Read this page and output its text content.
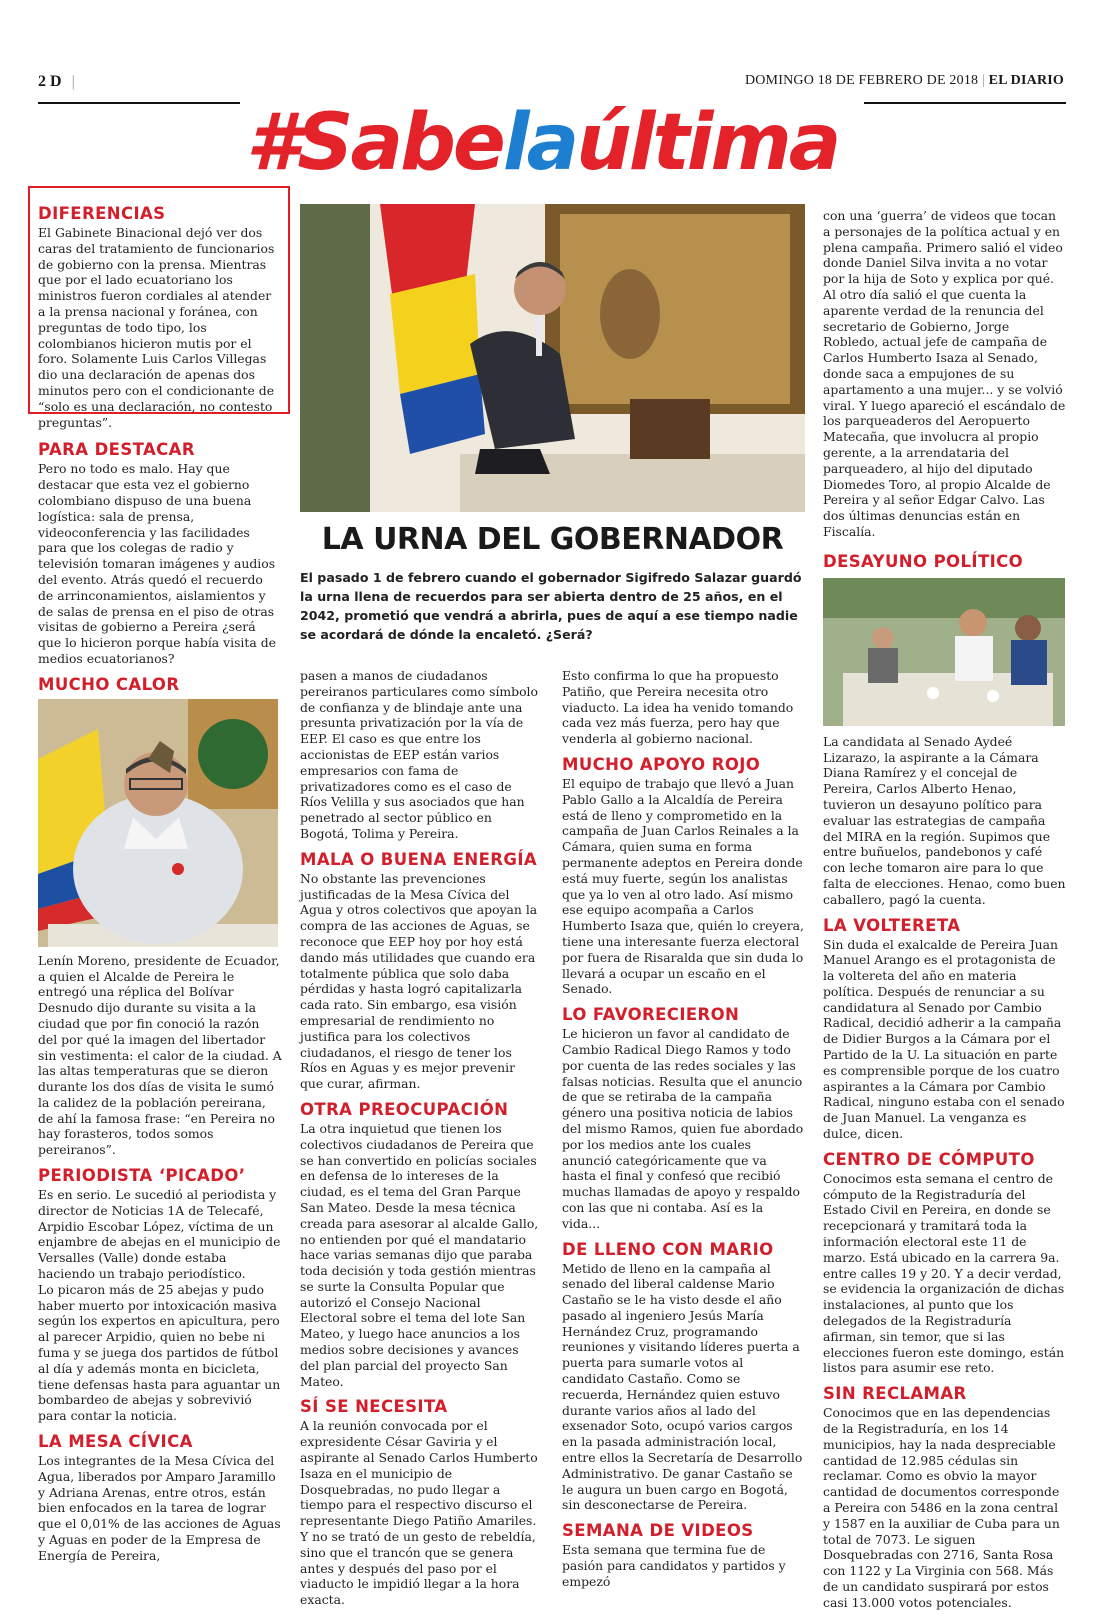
2 D |	DOMINGO 18 DE FEBRERO DE 2018 | EL DIARIO
#Sabelaúltima
DIFERENCIAS

El Gabinete Binacional dejó ver dos caras del tratamiento de funcionarios de gobierno con la prensa. Mientras que por el lado ecuatoriano los ministros fueron cordiales al atender a la prensa nacional y foránea, con preguntas de todo tipo, los colombianos hicieron mutis por el foro. Solamente Luis Carlos Villegas dio una declaración de apenas dos minutos pero con el condicionante de “solo es una declaración, no contesto preguntas”.

PARA DESTACAR

Pero no todo es malo. Hay que destacar que esta vez el gobierno colombiano dispuso de una buena logística: sala de prensa, videoconferencia y las facilidades para que los colegas de radio y televisión tomaran imágenes y audios del evento. Atrás quedó el recuerdo de arrinconamientos, aislamientos y de salas de prensa en el piso de otras visitas de gobierno a Pereira ¿será que lo hicieron porque había visita de medios ecuatorianos?

MUCHO CALOR

Lenín Moreno, presidente de Ecuador, a quien el Alcalde de Pereira le entregó una réplica del Bolívar Desnudo dijo durante su visita a la ciudad que por fin conoció la razón del por qué la imagen del libertador sin vestimenta: el calor de la ciudad. A las altas temperaturas que se dieron durante los dos días de visita le sumó la calidez de la población pereirana, de ahí la famosa frase: “en Pereira no hay forasteros, todos somos pereiranos”.

PERIODISTA ‘PICADO’

Es en serio. Le sucedió al periodista y director de Noticias 1A de Telecafé, Arpidio Escobar López, víctima de un enjambre de abejas en el municipio de Versalles (Valle) donde estaba haciendo un trabajo periodístico.

Lo picaron más de 25 abejas y pudo haber muerto por intoxicación masiva según los expertos en apicultura, pero al parecer Arpidio, quien no bebe ni fuma y se juega dos partidos de fútbol al día y además monta en bicicleta, tiene defensas hasta para aguantar un bombardeo de abejas y sobrevivió para contar la noticia.

LA MESA CÍVICA

Los integrantes de la Mesa Cívica del Agua, liberados por Amparo Jaramillo y Adriana Arenas, entre otros, están bien enfocados en la tarea de lograr que el 0,01% de las acciones de Aguas y Aguas en poder de la Empresa de Energía de Pereira,

LA URNA DEL GOBERNADOR
El pasado 1 de febrero cuando el gobernador Sigifredo Salazar guardó la urna llena de recuerdos para ser abierta dentro de 25 años, en el 2042, prometió que vendrá a abrirla, pues de aquí a ese tiempo nadie se acordará de dónde la encaletó. ¿Será?

pasen a manos de ciudadanos pereiranos particulares como símbolo de confianza y de blindaje ante una presunta privatización por la vía de EEP. El caso es que entre los accionistas de EEP están varios empresarios con fama de privatizadores como es el caso de Ríos Velilla y sus asociados que han penetrado al sector público en Bogotá, Tolima y Pereira.

MALA O BUENA ENERGÍA

No obstante las prevenciones justificadas de la Mesa Cívica del Agua y otros colectivos que apoyan la compra de las acciones de Aguas, se reconoce que EEP hoy por hoy está dando más utilidades que cuando era totalmente pública que solo daba pérdidas y hasta logró capitalizarla cada rato. Sin embargo, esa visión empresarial de rendimiento no justifica para los colectivos ciudadanos, el riesgo de tener los Ríos en Aguas y es mejor prevenir que curar, afirman.

OTRA PREOCUPACIÓN

La otra inquietud que tienen los colectivos ciudadanos de Pereira que se han convertido en policías sociales en defensa de lo intereses de la ciudad, es el tema del Gran Parque San Mateo. Desde la mesa técnica creada para asesorar al alcalde Gallo, no entienden por qué el mandatario hace varias semanas dijo que paraba toda decisión y toda gestión mientras se surte la Consulta Popular que autorizó el Consejo Nacional Electoral sobre el tema del lote San Mateo, y luego hace anuncios a los medios sobre decisiones y avances del plan parcial del proyecto San Mateo.

SÍ SE NECESITA

A la reunión convocada por el expresidente César Gaviria y el aspirante al Senado Carlos Humberto Isaza en el municipio de Dosquebradas, no pudo llegar a tiempo para el respectivo discurso el representante Diego Patiño Amariles. Y no se trató de un gesto de rebeldía, sino que el trancón que se genera antes y después del paso por el viaducto le impidió llegar a la hora exacta.

Esto confirma lo que ha propuesto Patiño, que Pereira necesita otro viaducto. La idea ha venido tomando cada vez más fuerza, pero hay que venderla al gobierno nacional.

MUCHO APOYO ROJO

El equipo de trabajo que llevó a Juan Pablo Gallo a la Alcaldía de Pereira está de lleno y comprometido en la campaña de Juan Carlos Reinales a la Cámara, quien suma en forma permanente adeptos en Pereira donde está muy fuerte, según los analistas que ya lo ven al otro lado. Así mismo ese equipo acompaña a Carlos Humberto Isaza que, quién lo creyera, tiene una interesante fuerza electoral por fuera de Risaralda que sin duda lo llevará a ocupar un escaño en el Senado.

LO FAVORECIERON

Le hicieron un favor al candidato de Cambio Radical Diego Ramos y todo por cuenta de las redes sociales y las falsas noticias. Resulta que el anuncio de que se retiraba de la campaña género una positiva noticia de labios del mismo Ramos, quien fue abordado por los medios ante los cuales anunció categóricamente que va hasta el final y confesó que recibió muchas llamadas de apoyo y respaldo con las que ni contaba. Así es la vida...

DE LLENO CON MARIO

Metido de lleno en la campaña al senado del liberal caldense Mario Castaño se le ha visto desde el año pasado al ingeniero Jesús María Hernández Cruz, programando reuniones y visitando líderes puerta a puerta para sumarle votos al candidato Castaño. Como se recuerda, Hernández quien estuvo durante varios años al lado del exsenador Soto, ocupó varios cargos en la pasada administración local, entre ellos la Secretaría de Desarrollo Administrativo. De ganar Castaño se le augura un buen cargo en Bogotá, sin desconectarse de Pereira.

SEMANA DE VIDEOS

Esta semana que termina fue de pasión para candidatos y partidos y empezó

con una ‘guerra’ de videos que tocan a personajes de la política actual y en plena campaña. Primero salió el video donde Daniel Silva invita a no votar por la hija de Soto y explica por qué. Al otro día salió el que cuenta la aparente verdad de la renuncia del secretario de Gobierno, Jorge Robledo, actual jefe de campaña de Carlos Humberto Isaza al Senado, donde saca a empujones de su apartamento a una mujer... y se volvió viral. Y luego apareció el escándalo de los parqueaderos del Aeropuerto Matecaña, que involucra al propio gerente, a la arrendataria del parqueadero, al hijo del diputado Diomedes Toro, al propio Alcalde de Pereira y al señor Edgar Calvo. Las dos últimas denuncias están en Fiscalía.

DESAYUNO POLÍTICO

La candidata al Senado Aydeé Lizarazo, la aspirante a la Cámara Diana Ramírez y el concejal de Pereira, Carlos Alberto Henao, tuvieron un desayuno político para evaluar las estrategias de campaña del MIRA en la región. Supimos que entre buñuelos, pandebonos y café con leche tomaron aire para lo que falta de elecciones. Henao, como buen caballero, pagó la cuenta.

LA VOLTERETA

Sin duda el exalcalde de Pereira Juan Manuel Arango es el protagonista de la voltereta del año en materia política. Después de renunciar a su candidatura al Senado por Cambio Radical, decidió adherir a la campaña de Didier Burgos a la Cámara por el Partido de la U. La situación en parte es comprensible porque de los cuatro aspirantes a la Cámara por Cambio Radical, ninguno estaba con el senado de Juan Manuel. La venganza es dulce, dicen.

CENTRO DE CÓMPUTO

Conocimos esta semana el centro de cómputo de la Registraduría del Estado Civil en Pereira, en donde se recepcionará y tramitará toda la información electoral este 11 de marzo. Está ubicado en la carrera 9a. entre calles 19 y 20. Y a decir verdad, se evidencia la organización de dichas instalaciones, al punto que los delegados de la Registraduría afirman, sin temor, que si las elecciones fueron este domingo, están listos para asumir ese reto.

SIN RECLAMAR

Conocimos que en las dependencias de la Registraduría, en los 14 municipios, hay la nada despreciable cantidad de 12.985 cédulas sin reclamar. Como es obvio la mayor cantidad de documentos corresponde a Pereira con 5486 en la zona central y 1587 en la auxiliar de Cuba para un total de 7073. Le siguen Dosquebradas con 2716, Santa Rosa con 1122 y La Virginia con 568. Más de un candidato suspirará por estos casi 13.000 votos potenciales.
